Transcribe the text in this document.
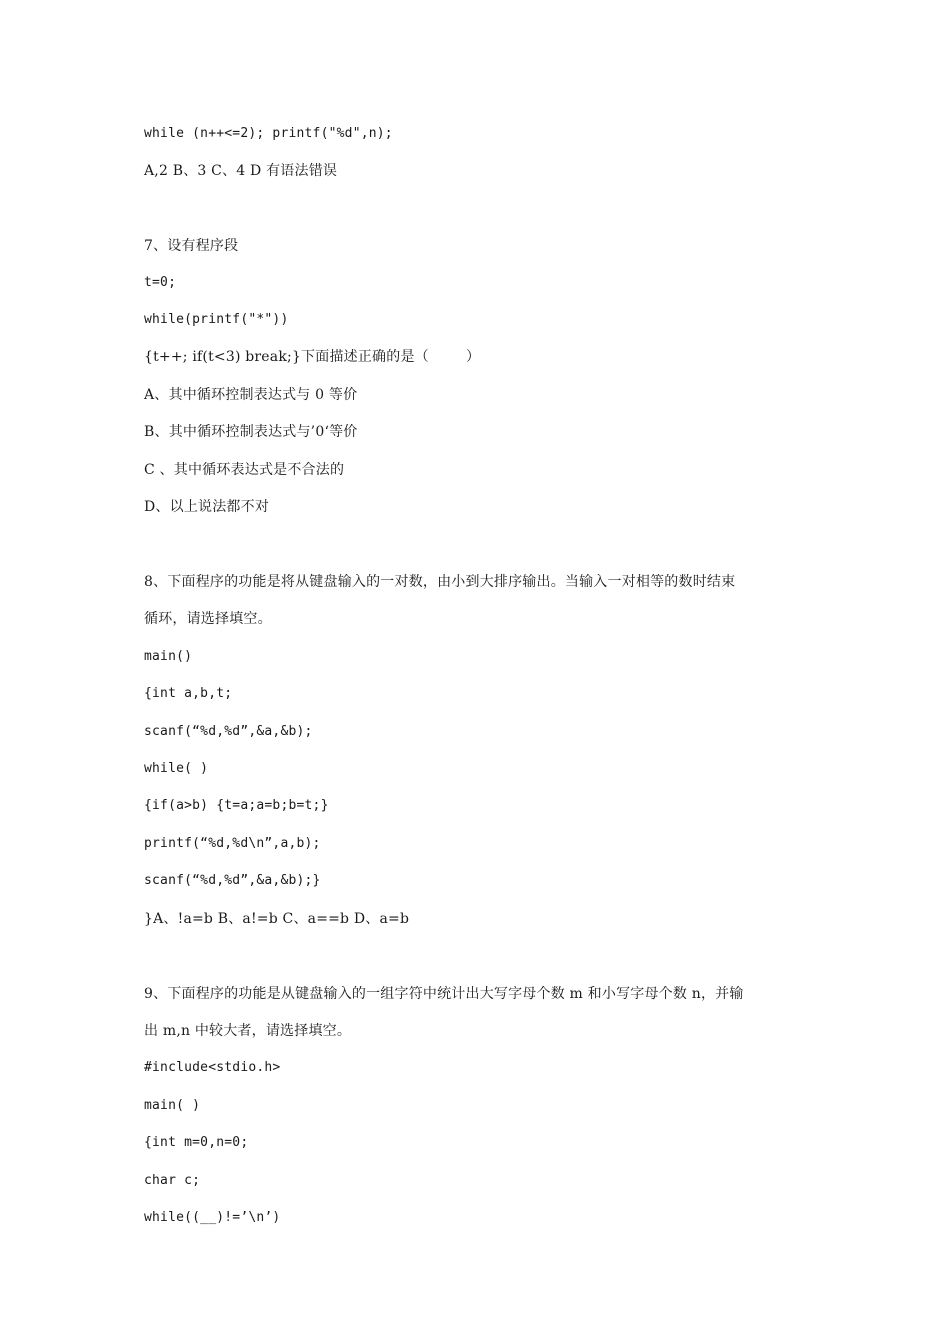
while (n++<=2); printf("%d",n);
A,2 B、3 C、4 D 有语法错误
7、设有程序段
t=0;
while(printf("*"))
{t++; if(t<3) break;}下面描述正确的是（        ）
A、其中循环控制表达式与 0 等价
B、其中循环控制表达式与’0‘等价
C 、其中循环表达式是不合法的
D、以上说法都不对
8、下面程序的功能是将从键盘输入的一对数，由小到大排序输出。当输入一对相等的数时结束
循环，请选择填空。
main()
{int a,b,t;
scanf(“%d,%d”,&a,&b);
while( )
{if(a>b) {t=a;a=b;b=t;}
printf(“%d,%d\n”,a,b);
scanf(“%d,%d”,&a,&b);}
}A、!a=b B、a!=b C、a==b D、a=b
9、下面程序的功能是从键盘输入的一组字符中统计出大写字母个数 m 和小写字母个数 n，并输
出 m,n 中较大者，请选择填空。
#include<stdio.h>
main( )
{int m=0,n=0;
char c;
while((__)!=’\n’)
